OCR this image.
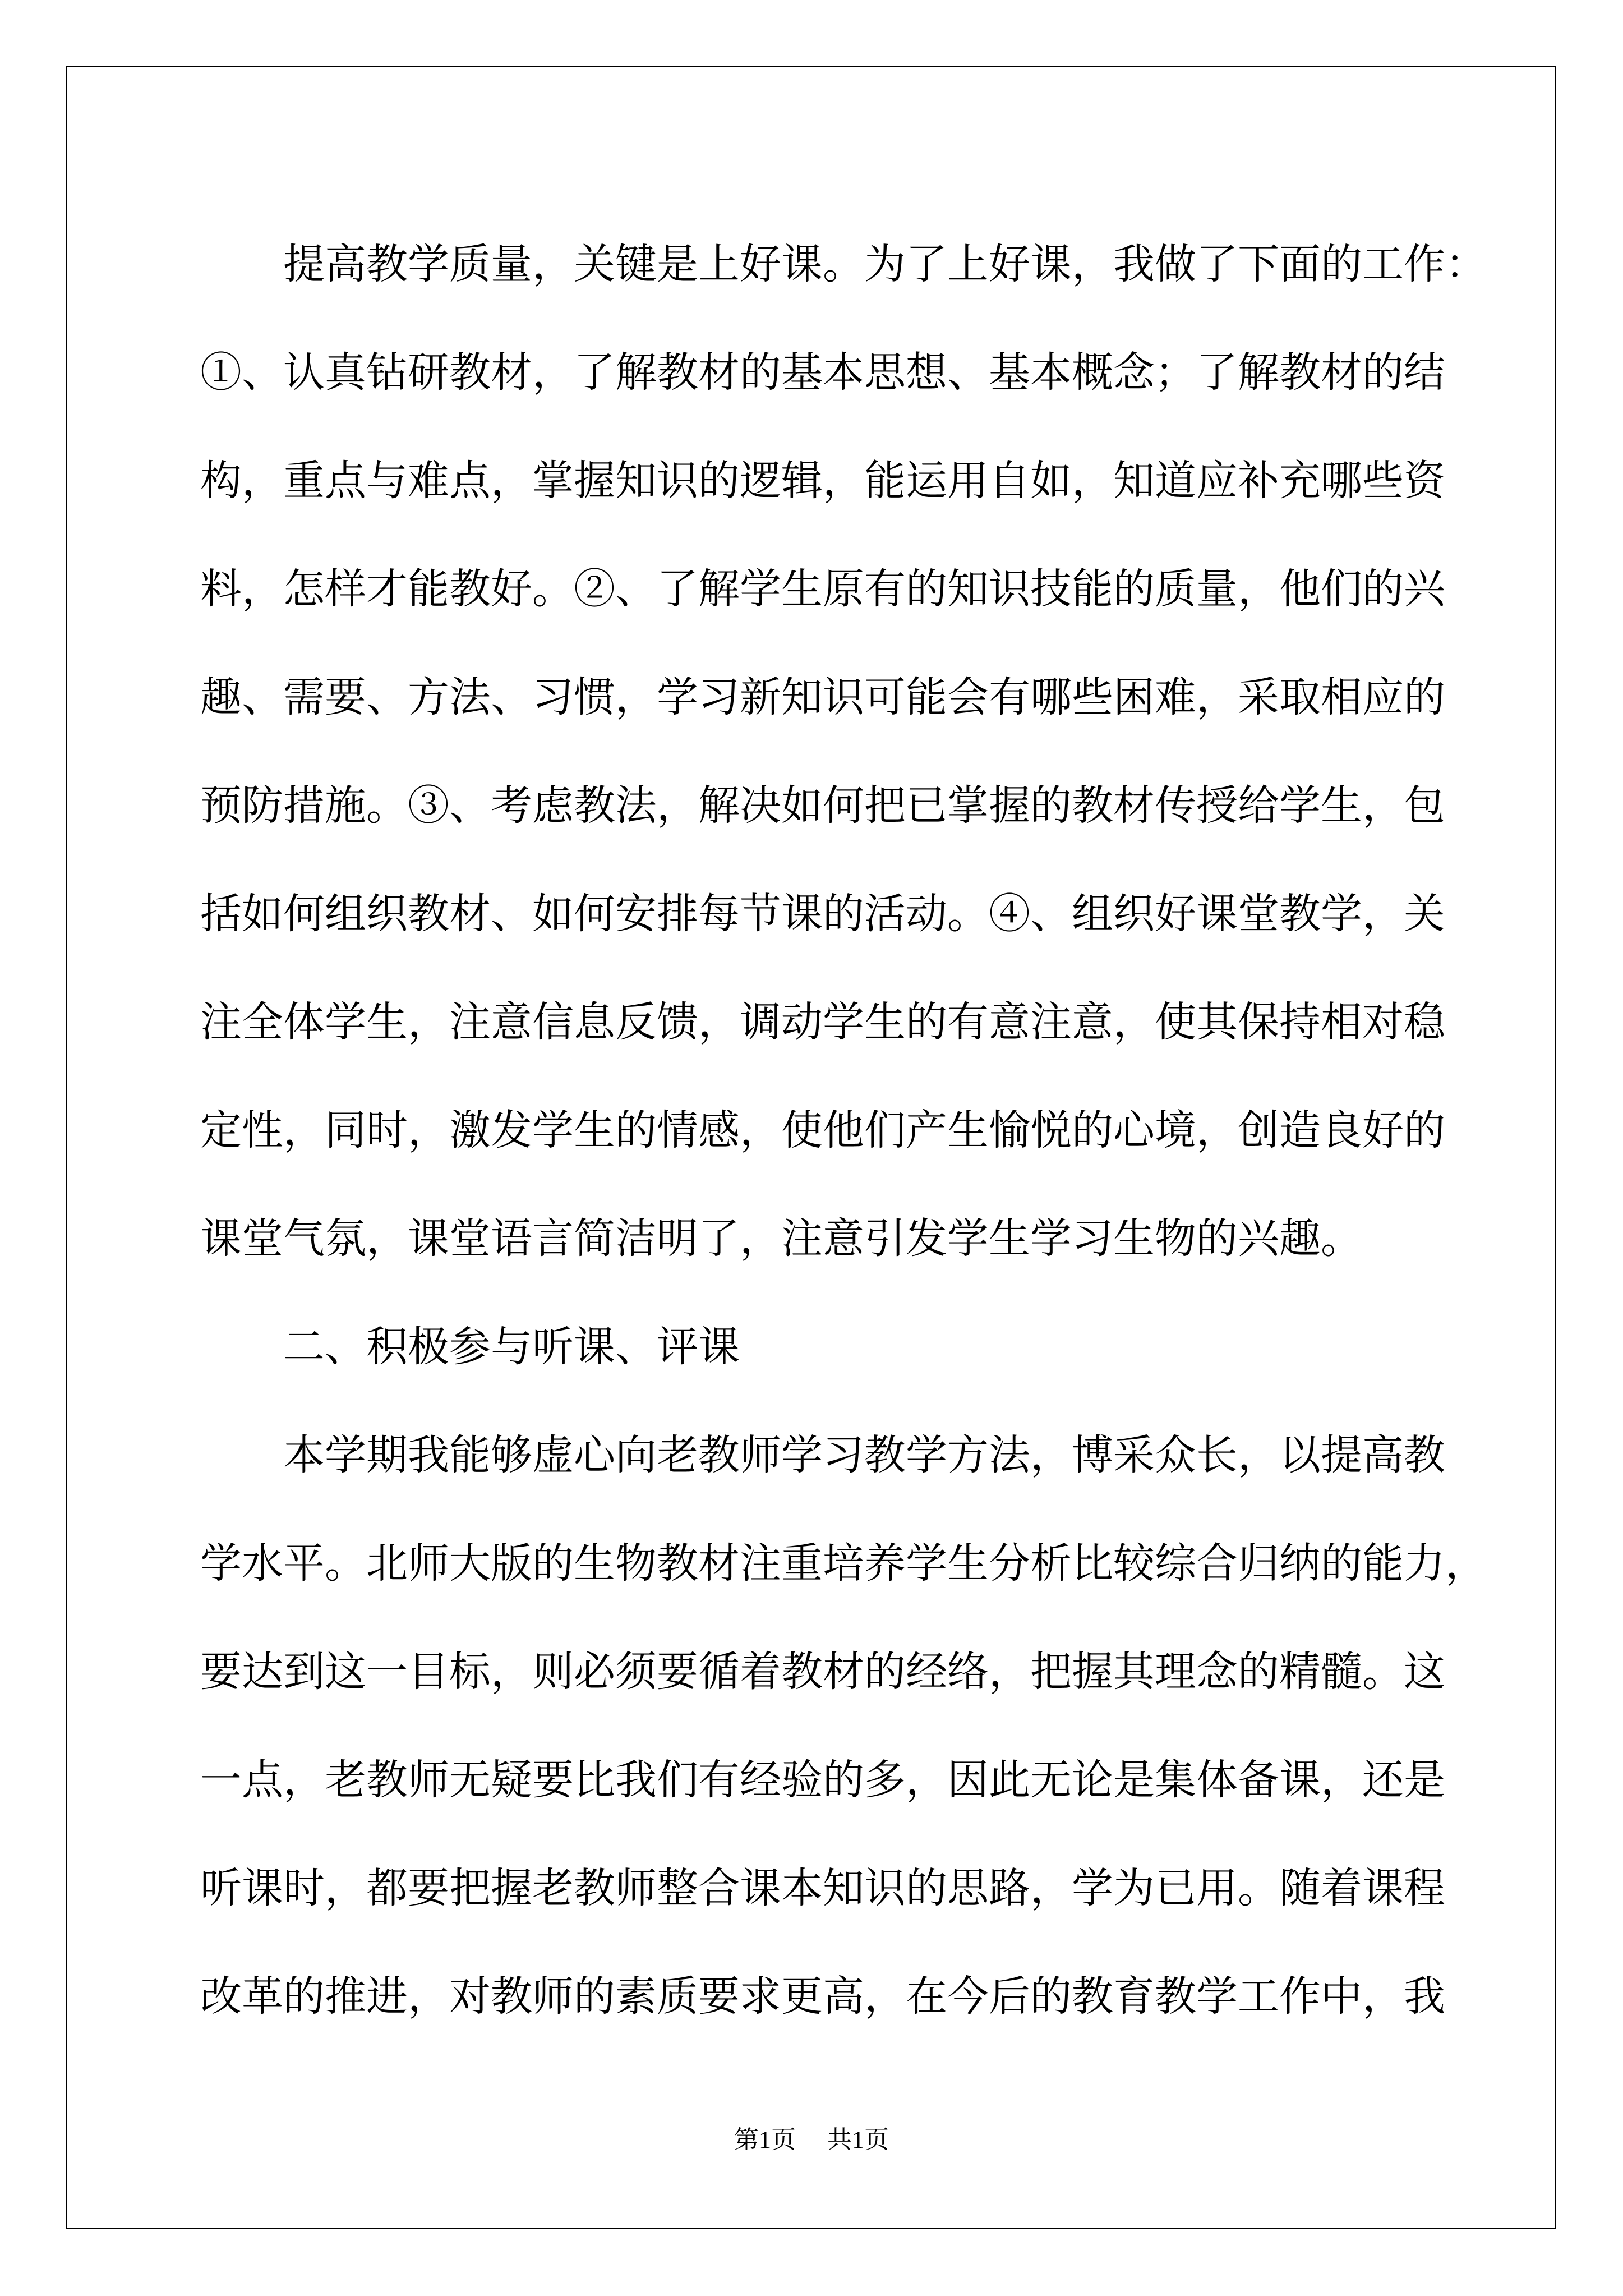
提高教学质量，关键是上好课。为了上好课，我做了下面的工作：
①、认真钻研教材，了解教材的基本思想、基本概念；了解教材的结
构，重点与难点，掌握知识的逻辑，能运用自如，知道应补充哪些资
料，怎样才能教好。②、了解学生原有的知识技能的质量，他们的兴
趣、需要、方法、习惯，学习新知识可能会有哪些困难，采取相应的
预防措施。③、考虑教法，解决如何把已掌握的教材传授给学生，包
括如何组织教材、如何安排每节课的活动。④、组织好课堂教学，关
注全体学生，注意信息反馈，调动学生的有意注意，使其保持相对稳
定性，同时，激发学生的情感，使他们产生愉悦的心境，创造良好的
课堂气氛，课堂语言简洁明了，注意引发学生学习生物的兴趣。
二、积极参与听课、评课
本学期我能够虚心向老教师学习教学方法，博采众长，以提高教
学水平。北师大版的生物教材注重培养学生分析比较综合归纳的能力，
要达到这一目标，则必须要循着教材的经络，把握其理念的精髓。这
一点，老教师无疑要比我们有经验的多，因此无论是集体备课，还是
听课时，都要把握老教师整合课本知识的思路，学为已用。随着课程
改革的推进，对教师的素质要求更高，在今后的教育教学工作中，我
第1页 共1页
